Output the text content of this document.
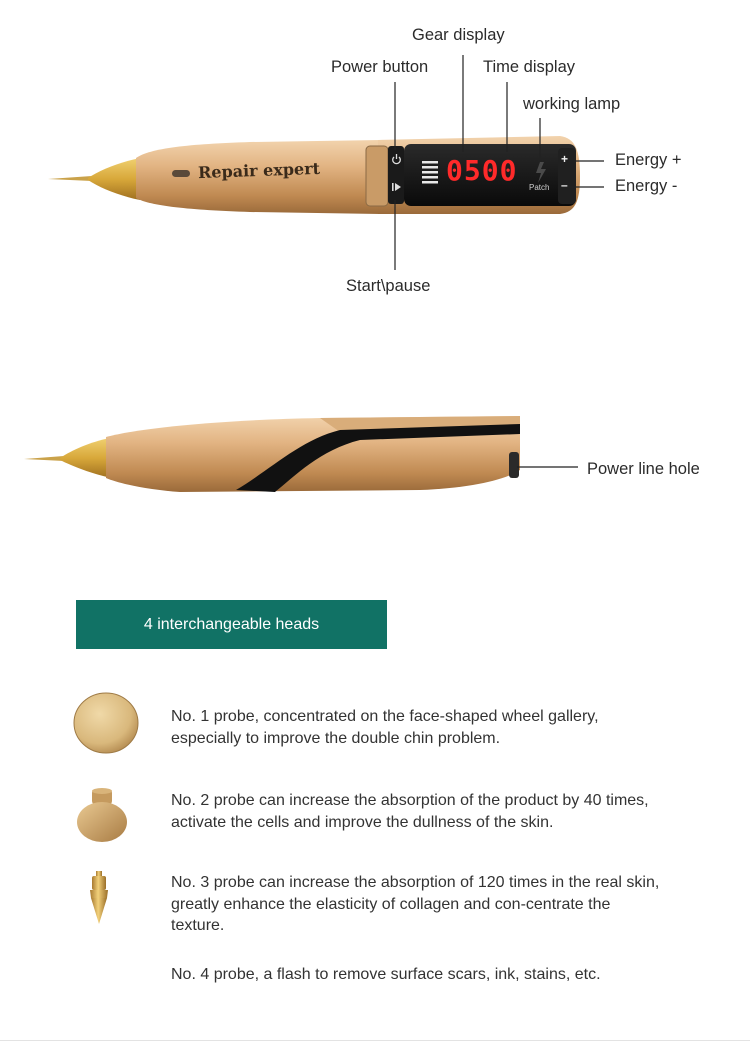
Repair expert	0500
Patch
+
–
Gear display
Power button	Time display
working lamp
Energy +
Energy -
Start\pause
Power line hole
4 interchangeable heads
No. 1 probe, concentrated on the face-shaped wheel gallery, especially to improve the double chin problem.
No. 2 probe can increase the absorption of the product by 40 times, activate the cells and improve the dullness of the skin.
No. 3 probe can increase the absorption of 120 times in the real skin, greatly enhance the elasticity of collagen and con-centrate the texture.
No. 4 probe, a flash to remove surface scars, ink, stains, etc.
